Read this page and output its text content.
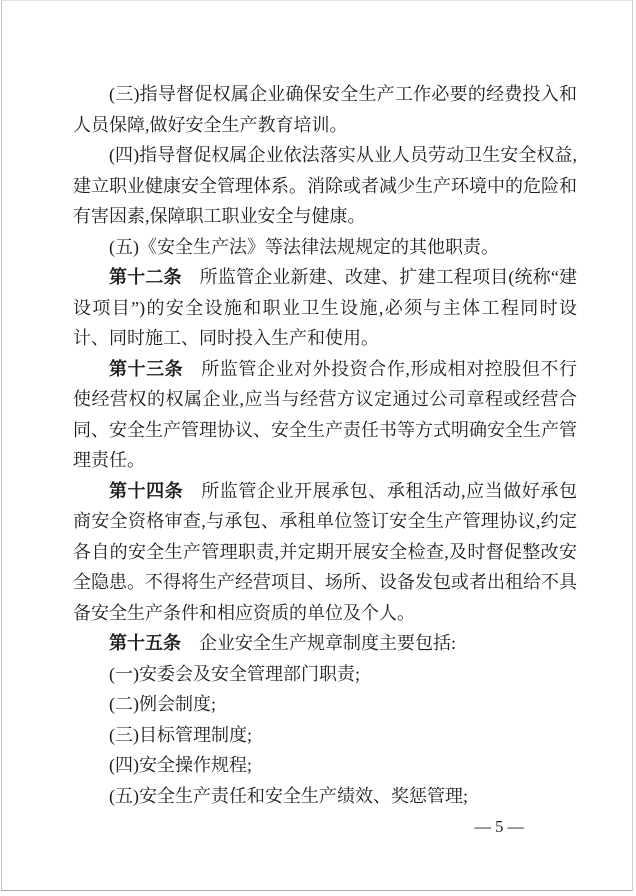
(三)指导督促权属企业确保安全生产工作必要的经费投入和人员保障,做好安全生产教育培训。

(四)指导督促权属企业依法落实从业人员劳动卫生安全权益,建立职业健康安全管理体系。消除或者减少生产环境中的危险和有害因素,保障职工职业安全与健康。

(五)《安全生产法》等法律法规规定的其他职责。

第十二条 所监管企业新建、改建、扩建工程项目(统称“建设项目”)的安全设施和职业卫生设施,必须与主体工程同时设计、同时施工、同时投入生产和使用。

第十三条 所监管企业对外投资合作,形成相对控股但不行使经营权的权属企业,应当与经营方议定通过公司章程或经营合同、安全生产管理协议、安全生产责任书等方式明确安全生产管理责任。

第十四条 所监管企业开展承包、承租活动,应当做好承包商安全资格审查,与承包、承租单位签订安全生产管理协议,约定各自的安全生产管理职责,并定期开展安全检查,及时督促整改安全隐患。不得将生产经营项目、场所、设备发包或者出租给不具备安全生产条件和相应资质的单位及个人。

第十五条 企业安全生产规章制度主要包括:

(一)安委会及安全管理部门职责;

(二)例会制度;

(三)目标管理制度;

(四)安全操作规程;

(五)安全生产责任和安全生产绩效、奖惩管理;

— 5 —
